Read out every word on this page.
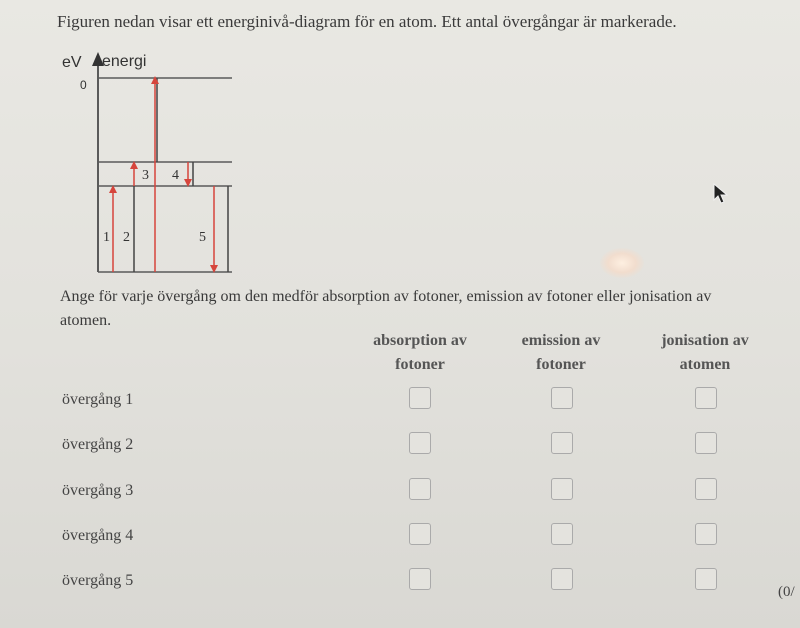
Figuren nedan visar ett energinivå-diagram för en atom. Ett antal övergångar är markerade.
eV energi
0
1 2
3 4
5
Ange för varje övergång om den medför absorption av fotoner, emission av fotoner eller jonisation av atomen.
absorption av
fotoner
emission av
fotoner
jonisation av
atomen
övergång 1
övergång 2
övergång 3
övergång 4
övergång 5
(0/
